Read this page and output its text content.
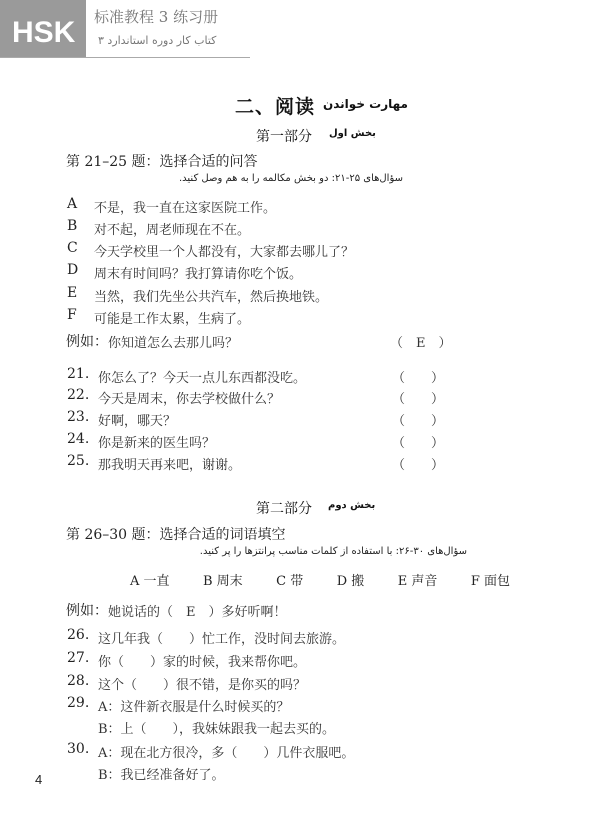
HSK 标准教程 3 练习册
کتاب کار دوره استاندارد ۳
二、阅读 مهارت خواندن
第一部分 بخش اول
第 21–25 题：选择合适的问答
سؤال‌های ۲۵-۲۱: دو بخش مکالمه را به هم وصل کنید.
A 不是，我一直在这家医院工作。
B 对不起，周老师现在不在。
C 今天学校里一个人都没有，大家都去哪儿了？
D 周末有时间吗？我打算请你吃个饭。
E 当然，我们先坐公共汽车，然后换地铁。
F 可能是工作太累，生病了。
例如： 你知道怎么去那儿吗？	（　E　）
21. 你怎么了？今天一点儿东西都没吃。	（　　）
22. 今天是周末，你去学校做什么？	（　　）
23. 好啊，哪天？	（　　）
24. 你是新来的医生吗？	（　　）
25. 那我明天再来吧，谢谢。	（　　）
第二部分 بخش دوم
第 26–30 题：选择合适的词语填空
سؤال‌های ۳۰-۲۶: با استفاده از کلمات مناسب پرانتزها را پر کنید.
A 一直	B 周末	C 带	D 搬	E 声音	F 面包
例如： 她说话的（　E　）多好听啊！
26. 这几年我（　　）忙工作，没时间去旅游。
27. 你（　　）家的时候，我来帮你吧。
28. 这个（　　）很不错，是你买的吗？
29. A：这件新衣服是什么时候买的？
B：上（　　），我妹妹跟我一起去买的。
30. A：现在北方很冷，多（　　）几件衣服吧。
B：我已经准备好了。
4
